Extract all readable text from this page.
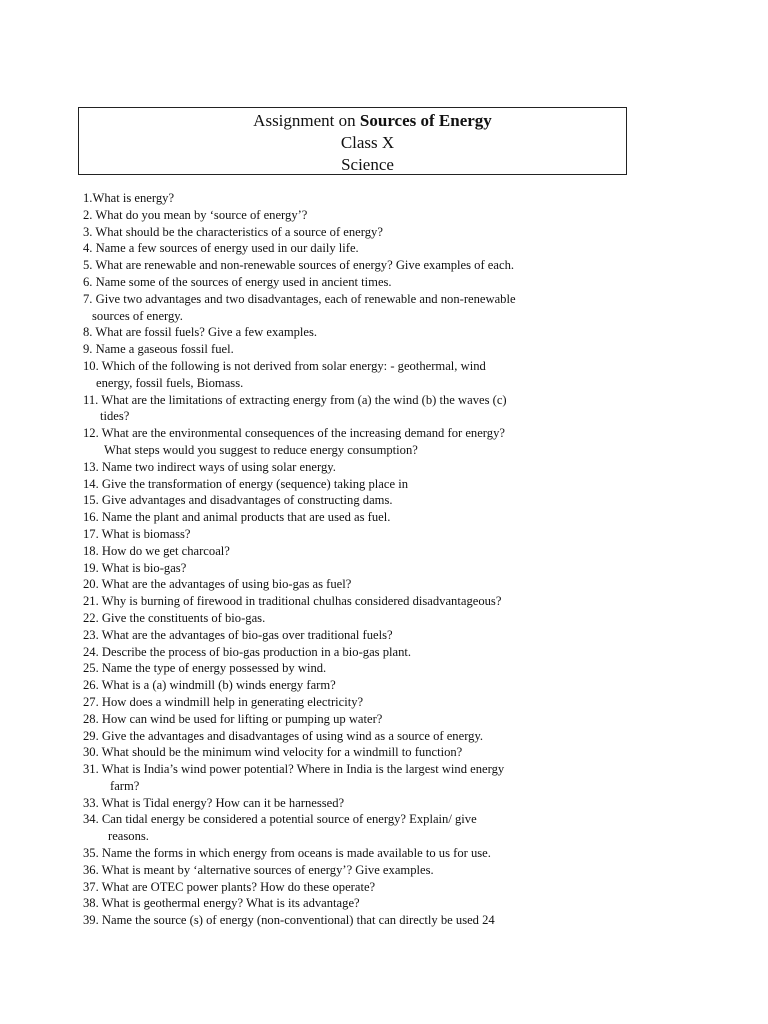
Assignment on Sources of Energy
Class X
Science
1.What is energy?
2. What do you mean by ‘source of energy’?
3. What should be the characteristics of a source of energy?
4. Name a few sources of energy used in our daily life.
5. What are renewable and non-renewable sources of energy? Give examples of each.
6. Name some of the sources of energy used in ancient times.
7. Give two advantages and two disadvantages, each of renewable and non-renewable
sources of energy.
8. What are fossil fuels? Give a few examples.
9. Name a gaseous fossil fuel.
10. Which of the following is not derived from solar energy: - geothermal, wind
energy, fossil fuels, Biomass.
11. What are the limitations of extracting energy from (a) the wind (b) the waves (c)
tides?
12. What are the environmental consequences of the increasing demand for energy?
What steps would you suggest to reduce energy consumption?
13. Name two indirect ways of using solar energy.
14. Give the transformation of energy (sequence) taking place in
15. Give advantages and disadvantages of constructing dams.
16. Name the plant and animal products that are used as fuel.
17. What is biomass?
18. How do we get charcoal?
19. What is bio-gas?
20. What are the advantages of using bio-gas as fuel?
21. Why is burning of firewood in traditional chulhas considered disadvantageous?
22. Give the constituents of bio-gas.
23. What are the advantages of bio-gas over traditional fuels?
24. Describe the process of bio-gas production in a bio-gas plant.
25. Name the type of energy possessed by wind.
26. What is a (a) windmill (b) winds energy farm?
27. How does a windmill help in generating electricity?
28. How can wind be used for lifting or pumping up water?
29. Give the advantages and disadvantages of using wind as a source of energy.
30. What should be the minimum wind velocity for a windmill to function?
31. What is India’s wind power potential? Where in India is the largest wind energy
farm?
33. What is Tidal energy? How can it be harnessed?
34. Can tidal energy be considered a potential source of energy? Explain/ give
reasons.
35. Name the forms in which energy from oceans is made available to us for use.
36. What is meant by ‘alternative sources of energy’? Give examples.
37. What are OTEC power plants? How do these operate?
38. What is geothermal energy? What is its advantage?
39. Name the source (s) of energy (non-conventional) that can directly be used 24
